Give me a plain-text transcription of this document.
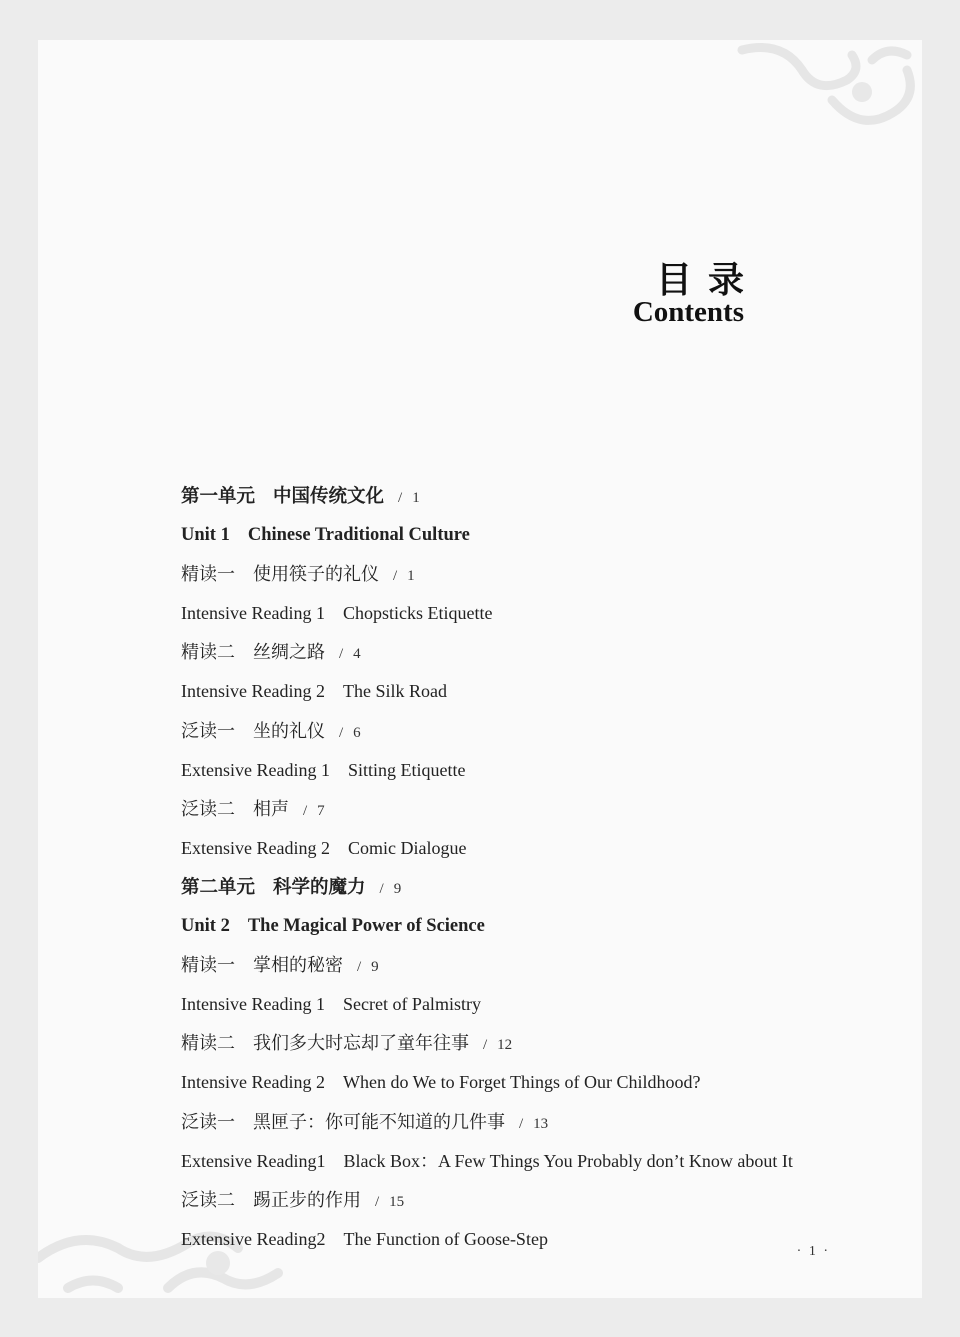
目录
Contents
第一单元 中国传统文化 / 1
Unit 1 Chinese Traditional Culture
精读一 使用筷子的礼仪 / 1
Intensive Reading 1 Chopsticks Etiquette
精读二 丝绸之路 / 4
Intensive Reading 2 The Silk Road
泛读一 坐的礼仪 / 6
Extensive Reading 1 Sitting Etiquette
泛读二 相声 / 7
Extensive Reading 2 Comic Dialogue
第二单元 科学的魔力 / 9
Unit 2 The Magical Power of Science
精读一 掌相的秘密 / 9
Intensive Reading 1 Secret of Palmistry
精读二 我们多大时忘却了童年往事 / 12
Intensive Reading 2 When do We to Forget Things of Our Childhood?
泛读一 黑匣子：你可能不知道的几件事 / 13
Extensive Reading1 Black Box：A Few Things You Probably don’t Know about It
泛读二 踢正步的作用 / 15
Extensive Reading2 The Function of Goose-Step
· 1 ·
